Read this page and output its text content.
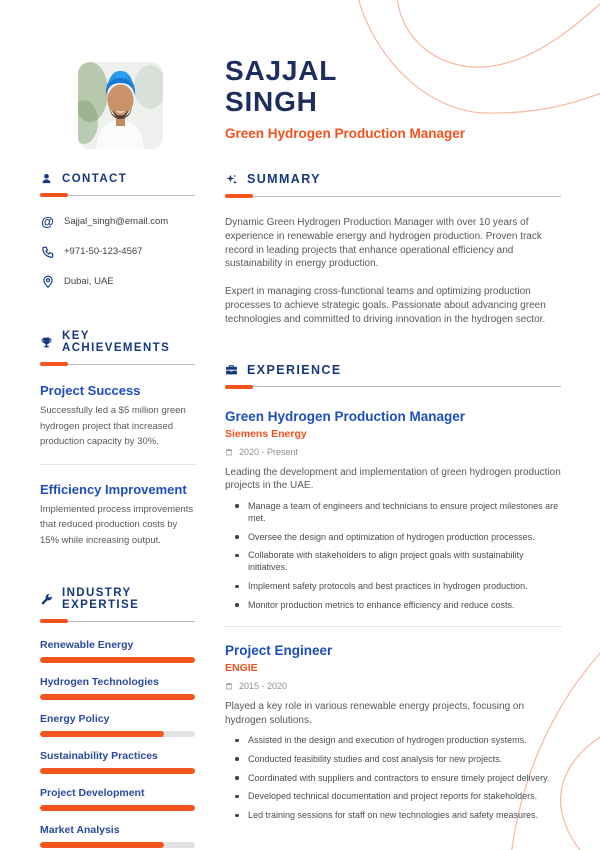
SAJJAL
SINGH
Green Hydrogen Production Manager
CONTACT
@ Sajjal_singh@email.com
+971-50-123-4567
Dubai, UAE
KEY ACHIEVEMENTS
Project Success
Successfully led a $5 million green hydrogen project that increased production capacity by 30%.
Efficiency Improvement
Implemented process improvements that reduced production costs by 15% while increasing output.
INDUSTRY EXPERTISE
Renewable Energy
Hydrogen Technologies
Energy Policy
Sustainability Practices
Project Development
Market Analysis
SUMMARY

Dynamic Green Hydrogen Production Manager with over 10 years of experience in renewable energy and hydrogen production. Proven track record in leading projects that enhance operational efficiency and sustainability in energy production.

Expert in managing cross-functional teams and optimizing production processes to achieve strategic goals. Passionate about advancing green technologies and committed to driving innovation in the hydrogen sector.

EXPERIENCE
Green Hydrogen Production Manager
Siemens Energy
2020 - Present
Leading the development and implementation of green hydrogen production projects in the UAE.
Manage a team of engineers and technicians to ensure project milestones are met.
Oversee the design and optimization of hydrogen production processes.
Collaborate with stakeholders to align project goals with sustainability initiatives.
Implement safety protocols and best practices in hydrogen production.
Monitor production metrics to enhance efficiency and reduce costs.
Project Engineer
ENGIE
2015 - 2020
Played a key role in various renewable energy projects, focusing on hydrogen solutions.
Assisted in the design and execution of hydrogen production systems.
Conducted feasibility studies and cost analysis for new projects.
Coordinated with suppliers and contractors to ensure timely project delivery.
Developed technical documentation and project reports for stakeholders.
Led training sessions for staff on new technologies and safety measures.
